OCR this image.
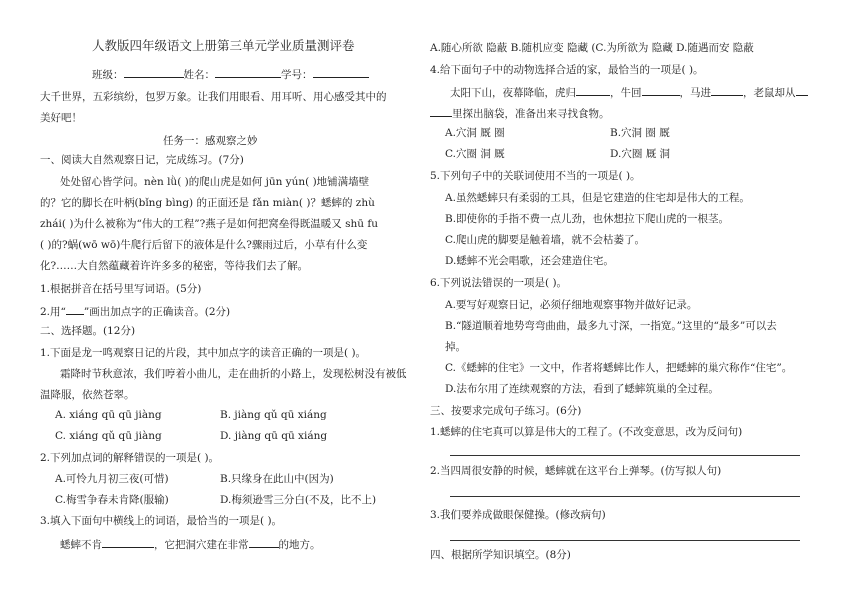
人教版四年级语文上册第三单元学业质量测评卷
班级：	姓名：	学号：
大千世界，五彩缤纷，包罗万象。让我们用眼看、用耳听、用心感受其中的
美好吧！
任务一：感观察之妙
一、阅读大自然观察日记，完成练习。(7分)
处处留心皆学问。nèn lǜ( )的爬山虎是如何 jūn yún( )地铺满墙壁
的？它的脚长在叶柄(bǐng bìng) 的正面还是 fǎn miàn( )？蟋蟀的 zhù
zhái( )为什么被称为“伟大的工程”?燕子是如何把窝垒得既温暖又 shū fu
( )的?蜗(wō wō)牛爬行后留下的液体是什么?骤雨过后，小草有什么变
化?……大自然蕴藏着许许多多的秘密，等待我们去了解。
1.根据拼音在括号里写词语。(5分)
2.用“ ”画出加点字的正确读音。(2分)
二、选择题。(12分)
1.下面是龙一鸣观察日记的片段，其中加点字的读音正确的一项是( )。
霜降时节秋意浓，我们哼着小曲儿，走在曲折的小路上，发现松树没有被低
温降服，依然苍翠。
A. xiáng qū qū jiàng	B. jiàng qǔ qū xiáng
C. xiáng qǔ qū jiàng	D. jiàng qū qū xiáng
2.下列加点词的解释错误的一项是( )。
A.可怜九月初三夜(可惜)	B.只缘身在此山中(因为)
C.梅雪争春未肯降(服输)	D.梅须逊雪三分白(不及，比不上)
3.填入下面句中横线上的词语，最恰当的一项是( )。
蟋蟀不肯	，它把洞穴建在非常	的地方。
A.随心所欲 隐蔽 B.随机应变 隐藏 (C.为所欲为 隐藏 D.随遇而安 隐蔽
4.给下面句子中的动物选择合适的家，最恰当的一项是( )。
太阳下山，夜幕降临，虎归	，牛回	，马进	，老鼠却从
里探出脑袋，准备出来寻找食物。
A.穴洞 厩 圈	B.穴洞 圈 厩
C.穴圈 洞 厩	D.穴圈 厩 洞
5.下列句子中的关联词使用不当的一项是( )。
A.虽然蟋蟀只有柔弱的工具，但是它建造的住宅却是伟大的工程。
B.即使你的手指不费一点儿劲，也休想拉下爬山虎的一根茎。
C.爬山虎的脚要是触着墙，就不会枯萎了。
D.蟋蟀不光会唱歌，还会建造住宅。
6.下列说法错误的一项是( )。
A.要写好观察日记，必须仔细地观察事物并做好记录。
B.“隧道顺着地势弯弯曲曲，最多九寸深，一指宽。”这里的“最多”可以去
掉。
C.《蟋蟀的住宅》一文中，作者将蟋蟀比作人，把蟋蟀的巢穴称作“住宅”。
D.法布尔用了连续观察的方法，看到了蟋蟀筑巢的全过程。
三、按要求完成句子练习。(6分)
1.蟋蟀的住宅真可以算是伟大的工程了。(不改变意思，改为反问句)
2.当四周很安静的时候，蟋蟀就在这平台上弹琴。(仿写拟人句)
3.我们要养成做眼保健操。(修改病句)
四、根据所学知识填空。(8分)
